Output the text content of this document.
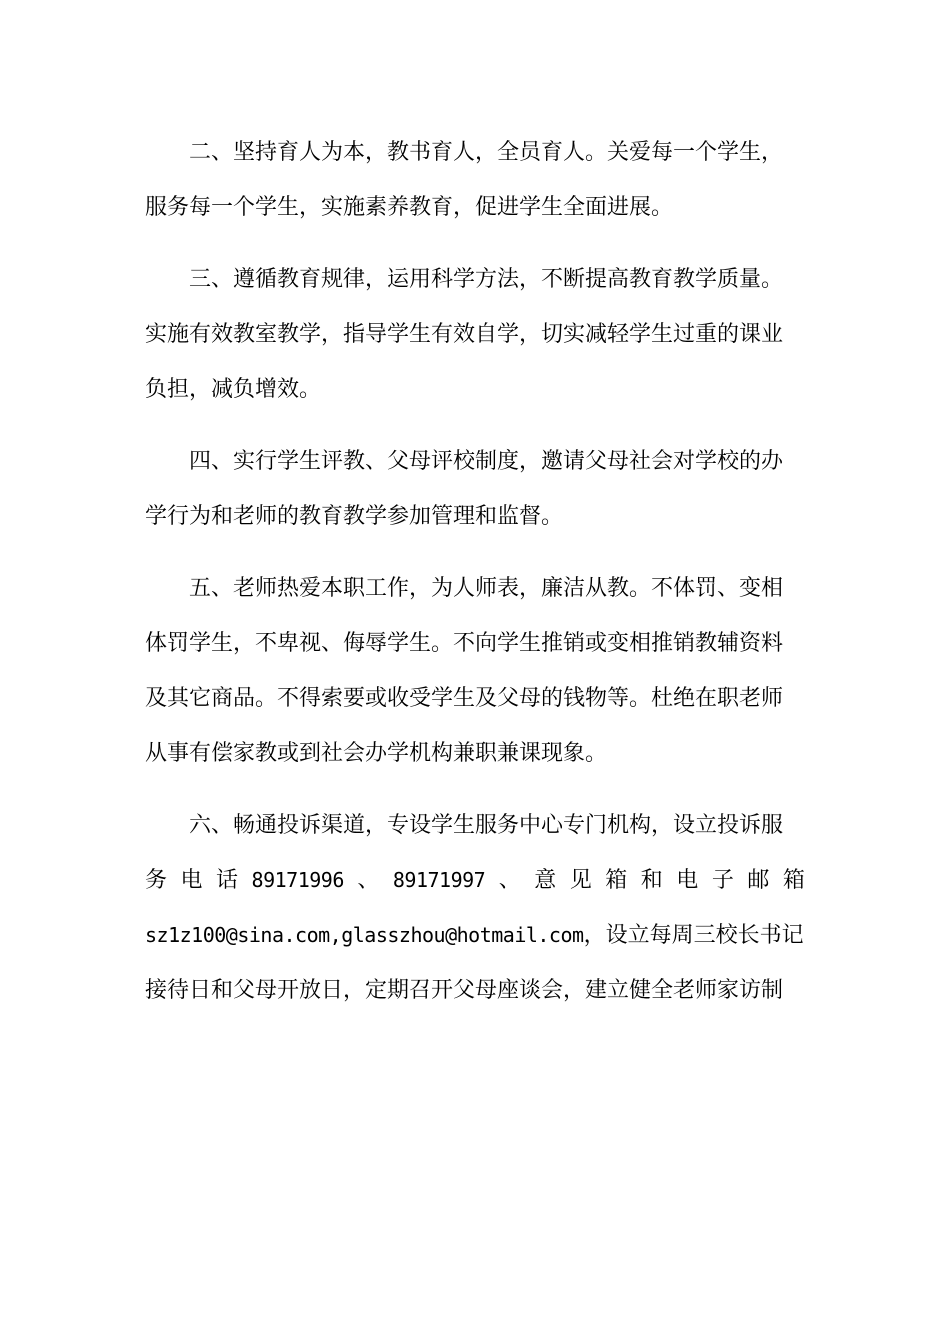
二、坚持育人为本，教书育人，全员育人。关爱每一个学生，
服务每一个学生，实施素养教育，促进学生全面进展。
三、遵循教育规律，运用科学方法，不断提高教育教学质量。
实施有效教室教学，指导学生有效自学，切实减轻学生过重的课业
负担，减负增效。
四、实行学生评教、父母评校制度，邀请父母社会对学校的办
学行为和老师的教育教学参加管理和监督。
五、老师热爱本职工作，为人师表，廉洁从教。不体罚、变相
体罚学生，不卑视、侮辱学生。不向学生推销或变相推销教辅资料
及其它商品。不得索要或收受学生及父母的钱物等。杜绝在职老师
从事有偿家教或到社会办学机构兼职兼课现象。
六、畅通投诉渠道，专设学生服务中心专门机构，设立投诉服
务 电 话 89171996 、 89171997 、 意 见 箱 和 电 子 邮 箱
sz1z100@sina.com,glasszhou@hotmail.com，设立每周三校长书记
接待日和父母开放日，定期召开父母座谈会，建立健全老师家访制
